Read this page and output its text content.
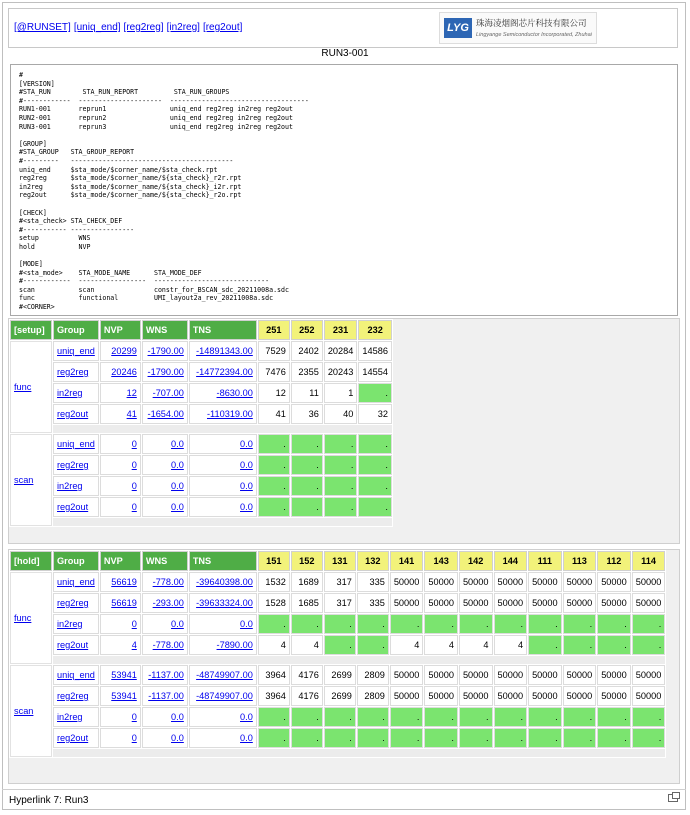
[@RUNSET] [uniq_end] [reg2reg] [in2reg] [reg2out]	LYG 珠海凌烟阁芯片科技有限公司
Lingyange Semiconductor Incorporated, Zhuhai
RUN3-001
#
[VERSION]
#STA_RUN        STA_RUN_REPORT         STA_RUN_GROUPS
#------------  ---------------------  -----------------------------------
RUN1-001       reprun1                uniq_end reg2reg in2reg reg2out
RUN2-001       reprun2                uniq_end reg2reg in2reg reg2out
RUN3-001       reprun3                uniq_end reg2reg in2reg reg2out

[GROUP]
#STA_GROUP   STA_GROUP_REPORT
#---------   -----------------------------------------
uniq_end     $sta_mode/$corner_name/$sta_check.rpt
reg2reg      $sta_mode/$corner_name/${sta_check}_r2r.rpt
in2reg       $sta_mode/$corner_name/${sta_check}_i2r.rpt
reg2out      $sta_mode/$corner_name/${sta_check}_r2o.rpt

[CHECK]
#<sta_check> STA_CHECK_DEF
#----------- ----------------
setup          WNS
hold           NVP

[MODE]
#<sta_mode>    STA_MODE_NAME      STA_MODE_DEF
#------------  -----------------  -----------------------------
scan           scan               constr_for_BSCAN_sdc_20211008a.sdc
func           functional         UMI_layout2a_rev_20211008a.sdc
#<CORNER>
[setup]	Group	NVP	WNS	TNS	251	252	231	232
func	uniq_end	20299	-1790.00	-14891343.00	7529	2402	20284	14586
	reg2reg	20246	-1790.00	-14772394.00	7476	2355	20243	14554
	in2reg	12	-707.00	-8630.00	12	11	1	.
	reg2out	41	-1654.00	-110319.00	41	36	40	32

scan	uniq_end	0	0.0	0.0	.	.	.	.
	reg2reg	0	0.0	0.0	.	.	.	.
	in2reg	0	0.0	0.0	.	.	.	.
	reg2out	0	0.0	0.0	.	.	.	.

[hold]	Group	NVP	WNS	TNS	151	152	131	132	141	143	142	144	111	113	112	114
func	uniq_end	56619	-778.00	-39640398.00	1532	1689	317	335	50000	50000	50000	50000	50000	50000	50000	50000
	reg2reg	56619	-293.00	-39633324.00	1528	1685	317	335	50000	50000	50000	50000	50000	50000	50000	50000
	in2reg	0	0.0	0.0	.	.	.	.	.	.	.	.	.	.	.	.
	reg2out	4	-778.00	-7890.00	4	4	.	.	4	4	4	4	.	.	.	.

scan	uniq_end	53941	-1137.00	-48749907.00	3964	4176	2699	2809	50000	50000	50000	50000	50000	50000	50000	50000
	reg2reg	53941	-1137.00	-48749907.00	3964	4176	2699	2809	50000	50000	50000	50000	50000	50000	50000	50000
	in2reg	0	0.0	0.0	.	.	.	.	.	.	.	.	.	.	.	.
	reg2out	0	0.0	0.0	.	.	.	.	.	.	.	.	.	.	.	.

Hyperlink 7: Run3
